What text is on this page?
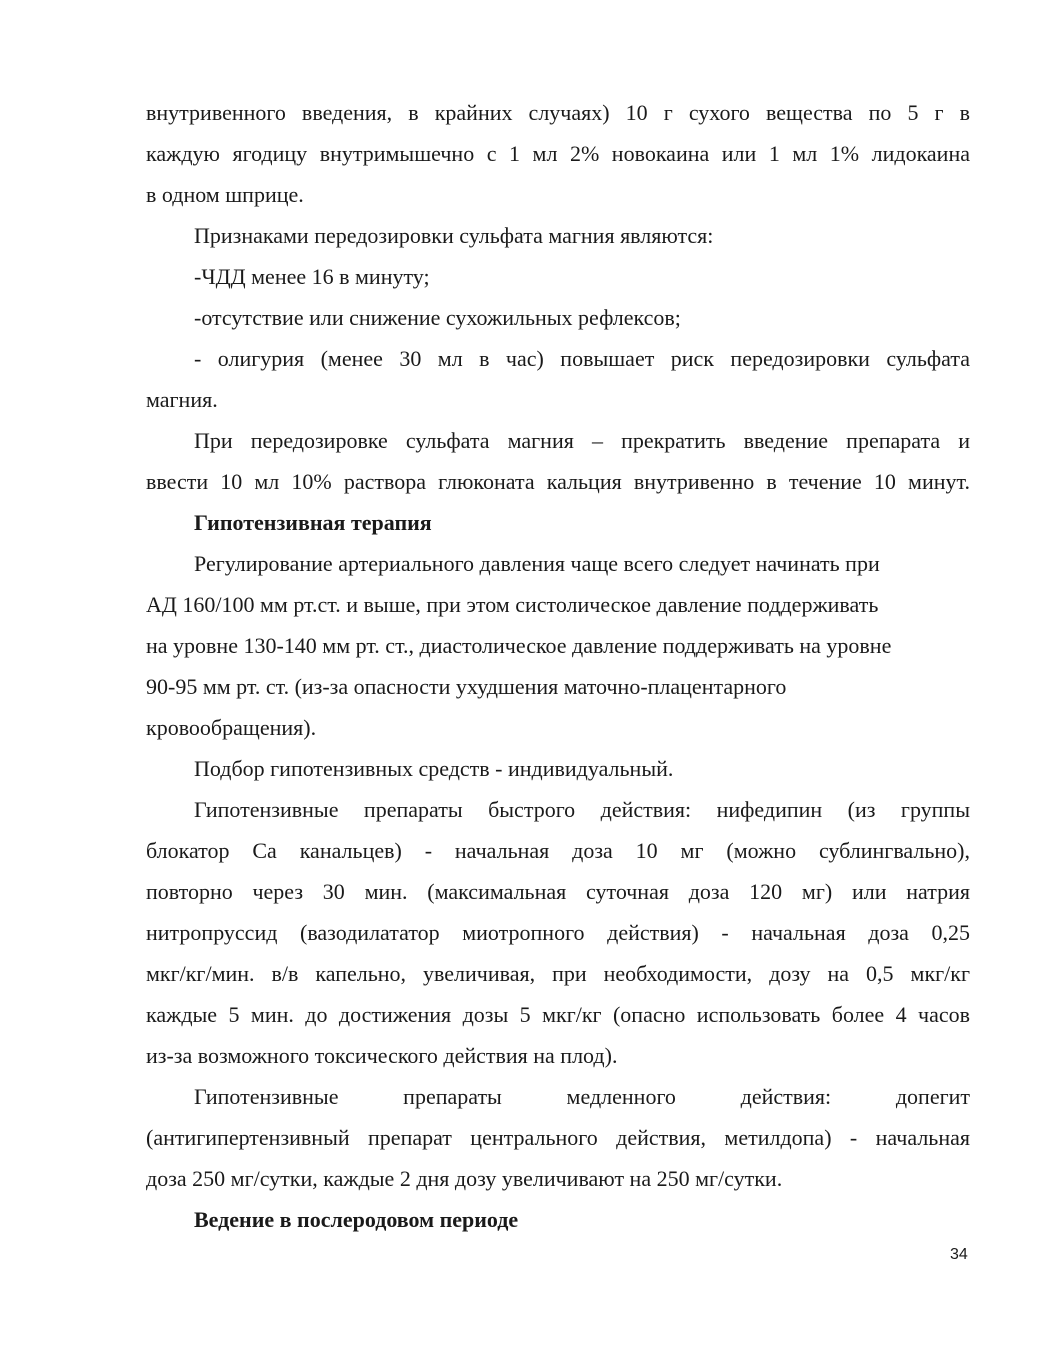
внутривенного введения, в крайних случаях) 10 г сухого вещества по 5 г в
каждую ягодицу внутримышечно с 1 мл 2% новокаина или 1 мл 1% лидокаина
в одном шприце.
Признаками передозировки сульфата магния являются:
-ЧДД менее 16 в минуту;
-отсутствие или снижение сухожильных рефлексов;
- олигурия (менее 30 мл в час) повышает риск передозировки сульфата
магния.
При передозировке сульфата магния – прекратить введение препарата и
ввести 10 мл 10% раствора глюконата кальция внутривенно в течение 10 минут.
Гипотензивная терапия
Регулирование артериального давления чаще всего следует начинать при
АД 160/100 мм рт.ст. и выше, при этом систолическое давление поддерживать
на уровне 130-140 мм рт. ст., диастолическое давление поддерживать на уровне
90-95 мм рт. ст. (из-за опасности ухудшения маточно-плацентарного
кровообращения).
Подбор гипотензивных средств - индивидуальный.
Гипотензивные препараты быстрого действия: нифедипин (из группы
блокатор Са канальцев) - начальная доза 10 мг (можно сублингвально),
повторно через 30 мин. (максимальная суточная доза 120 мг) или натрия
нитропруссид (вазодилататор миотропного действия) - начальная доза 0,25
мкг/кг/мин. в/в капельно, увеличивая, при необходимости, дозу на 0,5 мкг/кг
каждые 5 мин. до достижения дозы 5 мкг/кг (опасно использовать более 4 часов
из-за возможного токсического действия на плод).
Гипотензивные препараты медленного действия: допегит
(антигипертензивный препарат центрального действия, метилдопа) - начальная
доза 250 мг/сутки, каждые 2 дня дозу увеличивают на 250 мг/сутки.
Ведение в послеродовом периоде
34
